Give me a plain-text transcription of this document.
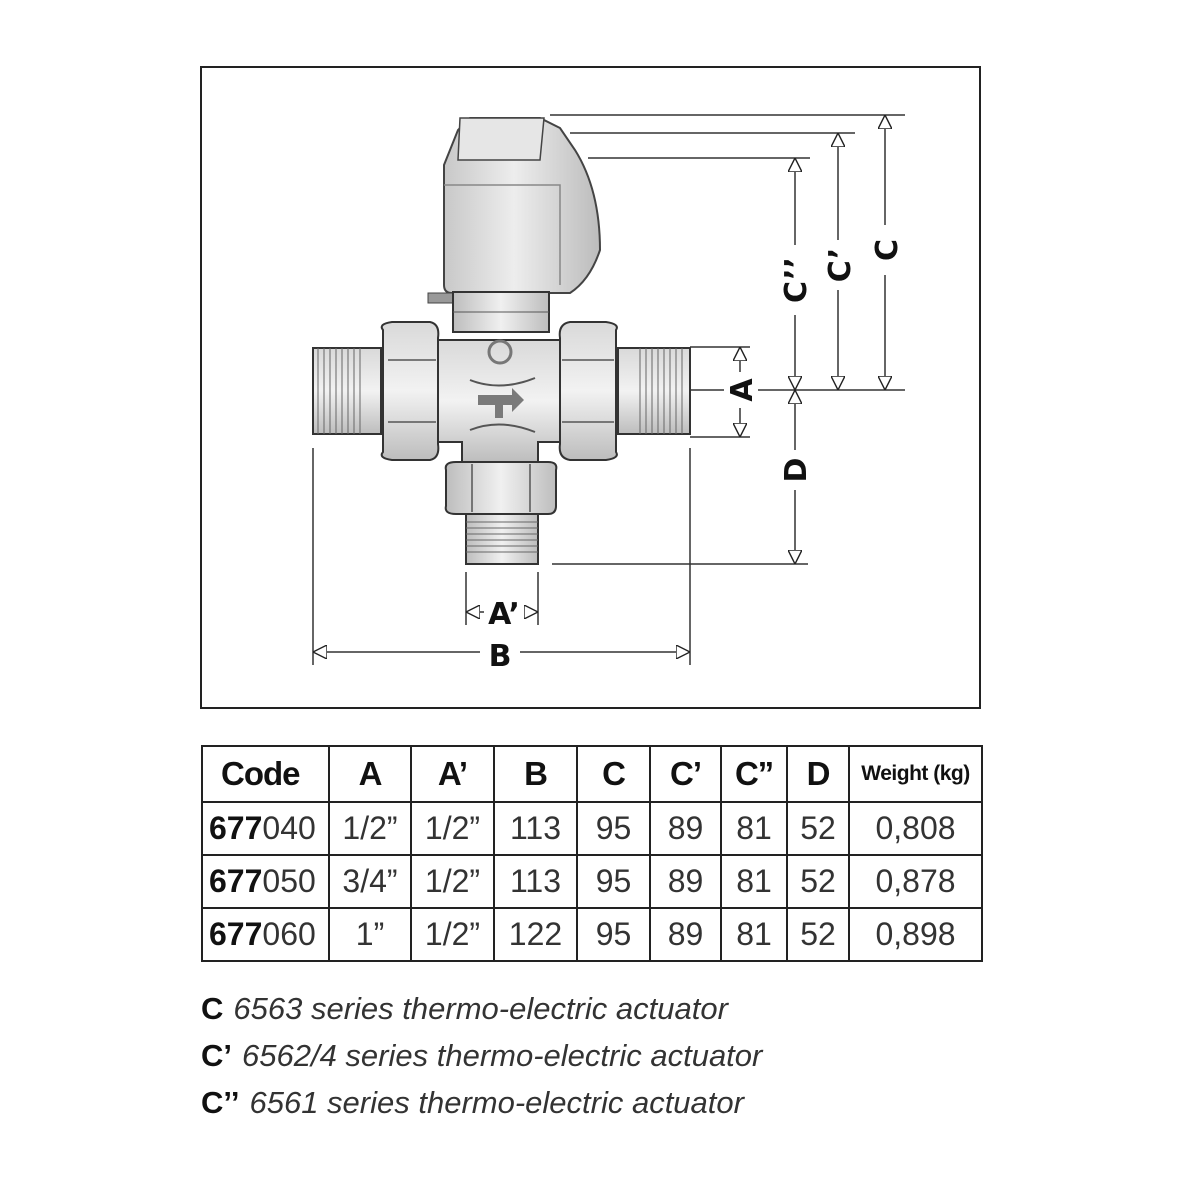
C
C’
C’’
D
A
B
A’
Code	A	A’	B	C	C’	C’’	D	Weight (kg)
677040	1/2”	1/2”	113	95	89	81	52	0,808
677050	3/4”	1/2”	113	95	89	81	52	0,878
677060	1”	1/2”	122	95	89	81	52	0,898
C 6563 series thermo-electric actuator
C’ 6562/4 series thermo-electric actuator
C’’ 6561 series thermo-electric actuator
